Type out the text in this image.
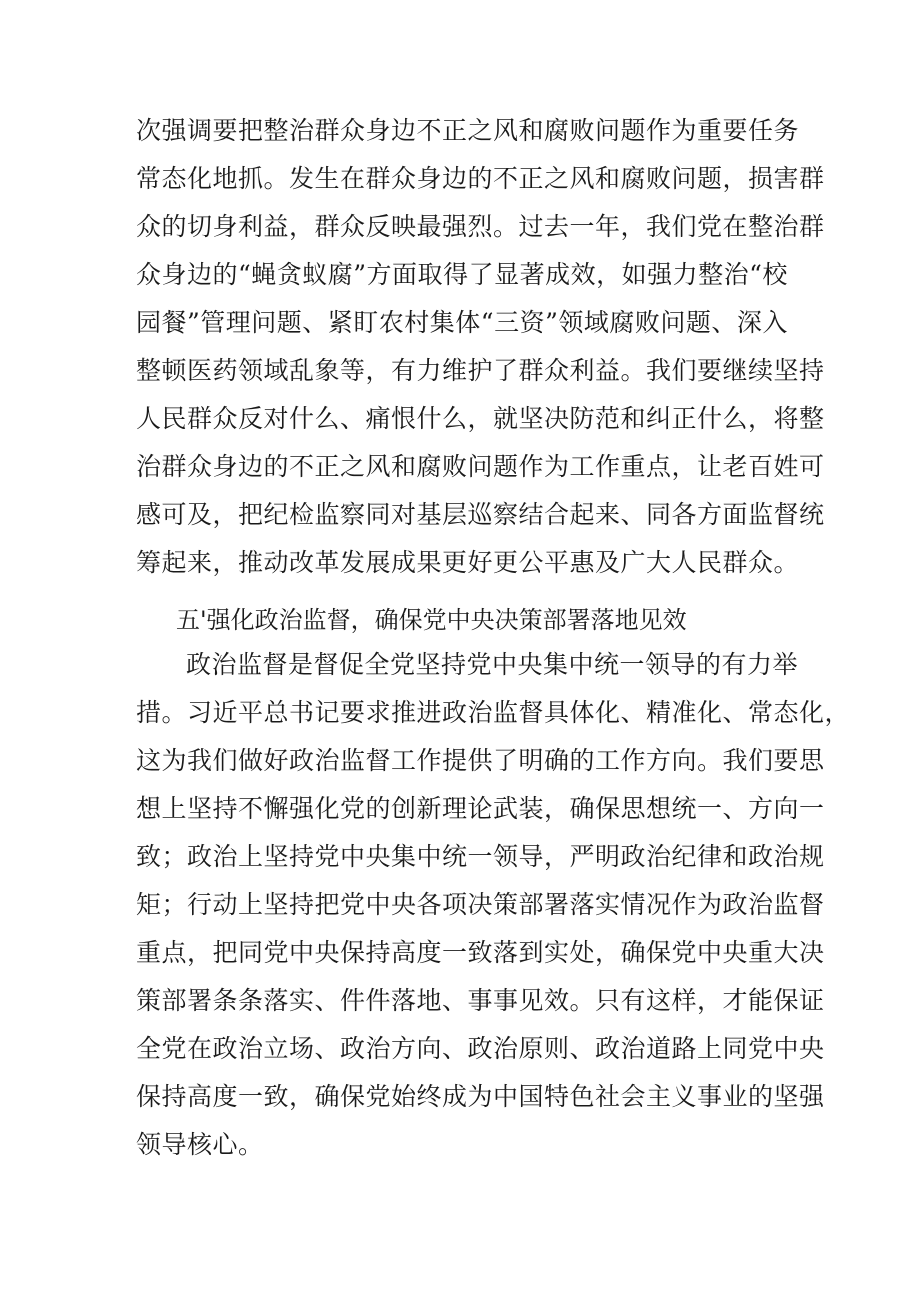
次强调要把整治群众身边不正之风和腐败问题作为重要任务
常态化地抓。发生在群众身边的不正之风和腐败问题，损害群
众的切身利益，群众反映最强烈。过去一年，我们党在整治群
众身边的“蝇贪蚁腐”方面取得了显著成效，如强力整治“校
园餐”管理问题、紧盯农村集体“三资”领域腐败问题、深入
整顿医药领域乱象等，有力维护了群众利益。我们要继续坚持
人民群众反对什么、痛恨什么，就坚决防范和纠正什么，将整
治群众身边的不正之风和腐败问题作为工作重点，让老百姓可
感可及，把纪检监察同对基层巡察结合起来、同各方面监督统
筹起来，推动改革发展成果更好更公平惠及广大人民群众。
五'强化政治监督，确保党中央决策部署落地见效
政治监督是督促全党坚持党中央集中统一领导的有力举
措。习近平总书记要求推进政治监督具体化、精准化、常态化，
这为我们做好政治监督工作提供了明确的工作方向。我们要思
想上坚持不懈强化党的创新理论武装，确保思想统一、方向一
致；政治上坚持党中央集中统一领导，严明政治纪律和政治规
矩；行动上坚持把党中央各项决策部署落实情况作为政治监督
重点，把同党中央保持高度一致落到实处，确保党中央重大决
策部署条条落实、件件落地、事事见效。只有这样，才能保证
全党在政治立场、政治方向、政治原则、政治道路上同党中央
保持高度一致，确保党始终成为中国特色社会主义事业的坚强
领导核心。
